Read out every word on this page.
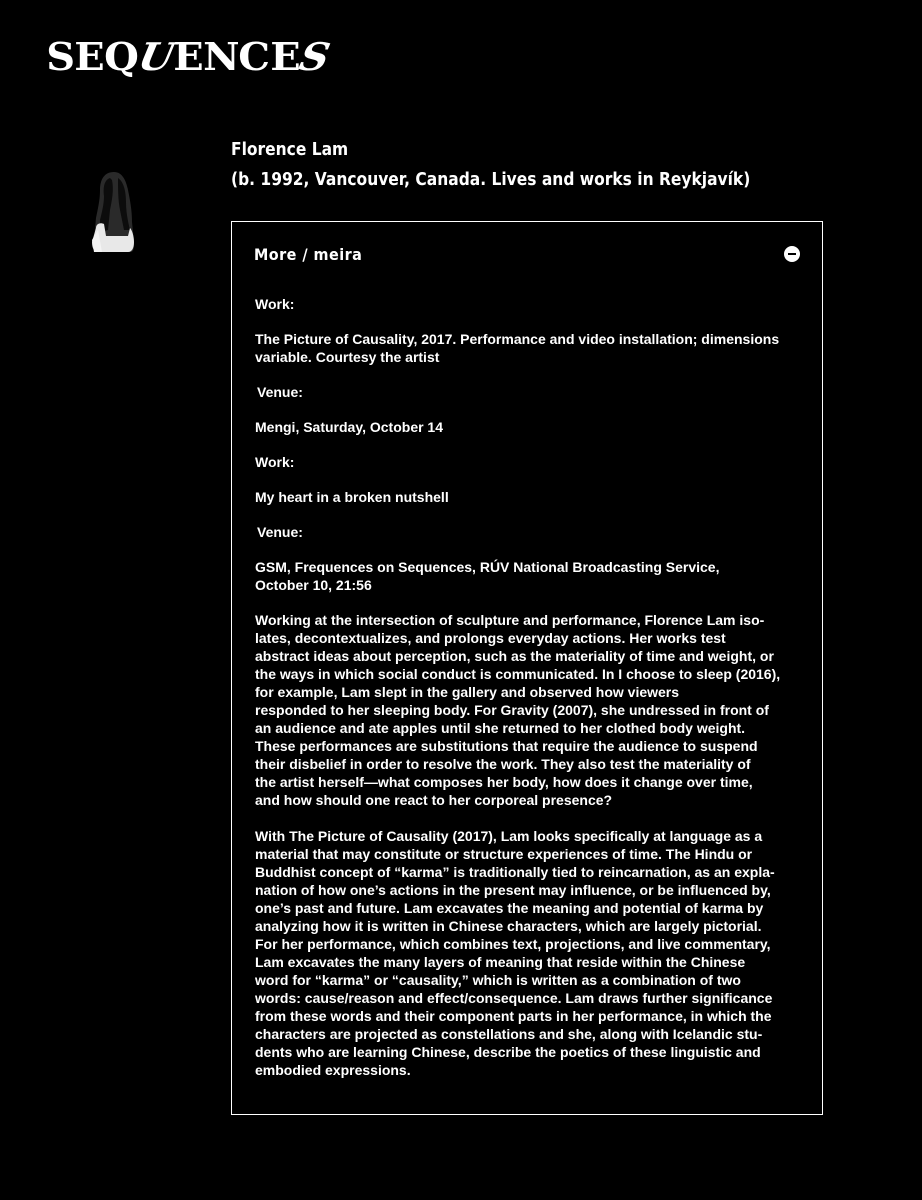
S
E
Q
U
E
N
C
E
S
Florence Lam
(b. 1992, Vancouver, Canada. Lives and works in Reykjavík)
More / meira

Work:

The Picture of Causality, 2017. Performance and video installation; dimensions
variable. Courtesy the artist

Venue:

Mengi, Saturday, October 14

Work:

My heart in a broken nutshell

Venue:

GSM, Frequences on Sequences, RÚV National Broadcasting Service,
October 10, 21:56

Working at the intersection of sculpture and performance, Florence Lam iso-
lates, decontextualizes, and prolongs everyday actions. Her works test
abstract ideas about perception, such as the materiality of time and weight, or
the ways in which social conduct is communicated. In I choose to sleep (2016),
for example, Lam slept in the gallery and observed how viewers
responded to her sleeping body. For Gravity (2007), she undressed in front of
an audience and ate apples until she returned to her clothed body weight.
These performances are substitutions that require the audience to suspend
their disbelief in order to resolve the work. They also test the materiality of
the artist herself—what composes her body, how does it change over time,
and how should one react to her corporeal presence?

With The Picture of Causality (2017), Lam looks specifically at language as a
material that may constitute or structure experiences of time. The Hindu or
Buddhist concept of “karma” is traditionally tied to reincarnation, as an expla-
nation of how one’s actions in the present may influence, or be influenced by,
one’s past and future. Lam excavates the meaning and potential of karma by
analyzing how it is written in Chinese characters, which are largely pictorial.
For her performance, which combines text, projections, and live commentary,
Lam excavates the many layers of meaning that reside within the Chinese
word for “karma” or “causality,” which is written as a combination of two
words: cause/reason and effect/consequence. Lam draws further significance
from these words and their component parts in her performance, in which the
characters are projected as constellations and she, along with Icelandic stu-
dents who are learning Chinese, describe the poetics of these linguistic and
embodied expressions.
